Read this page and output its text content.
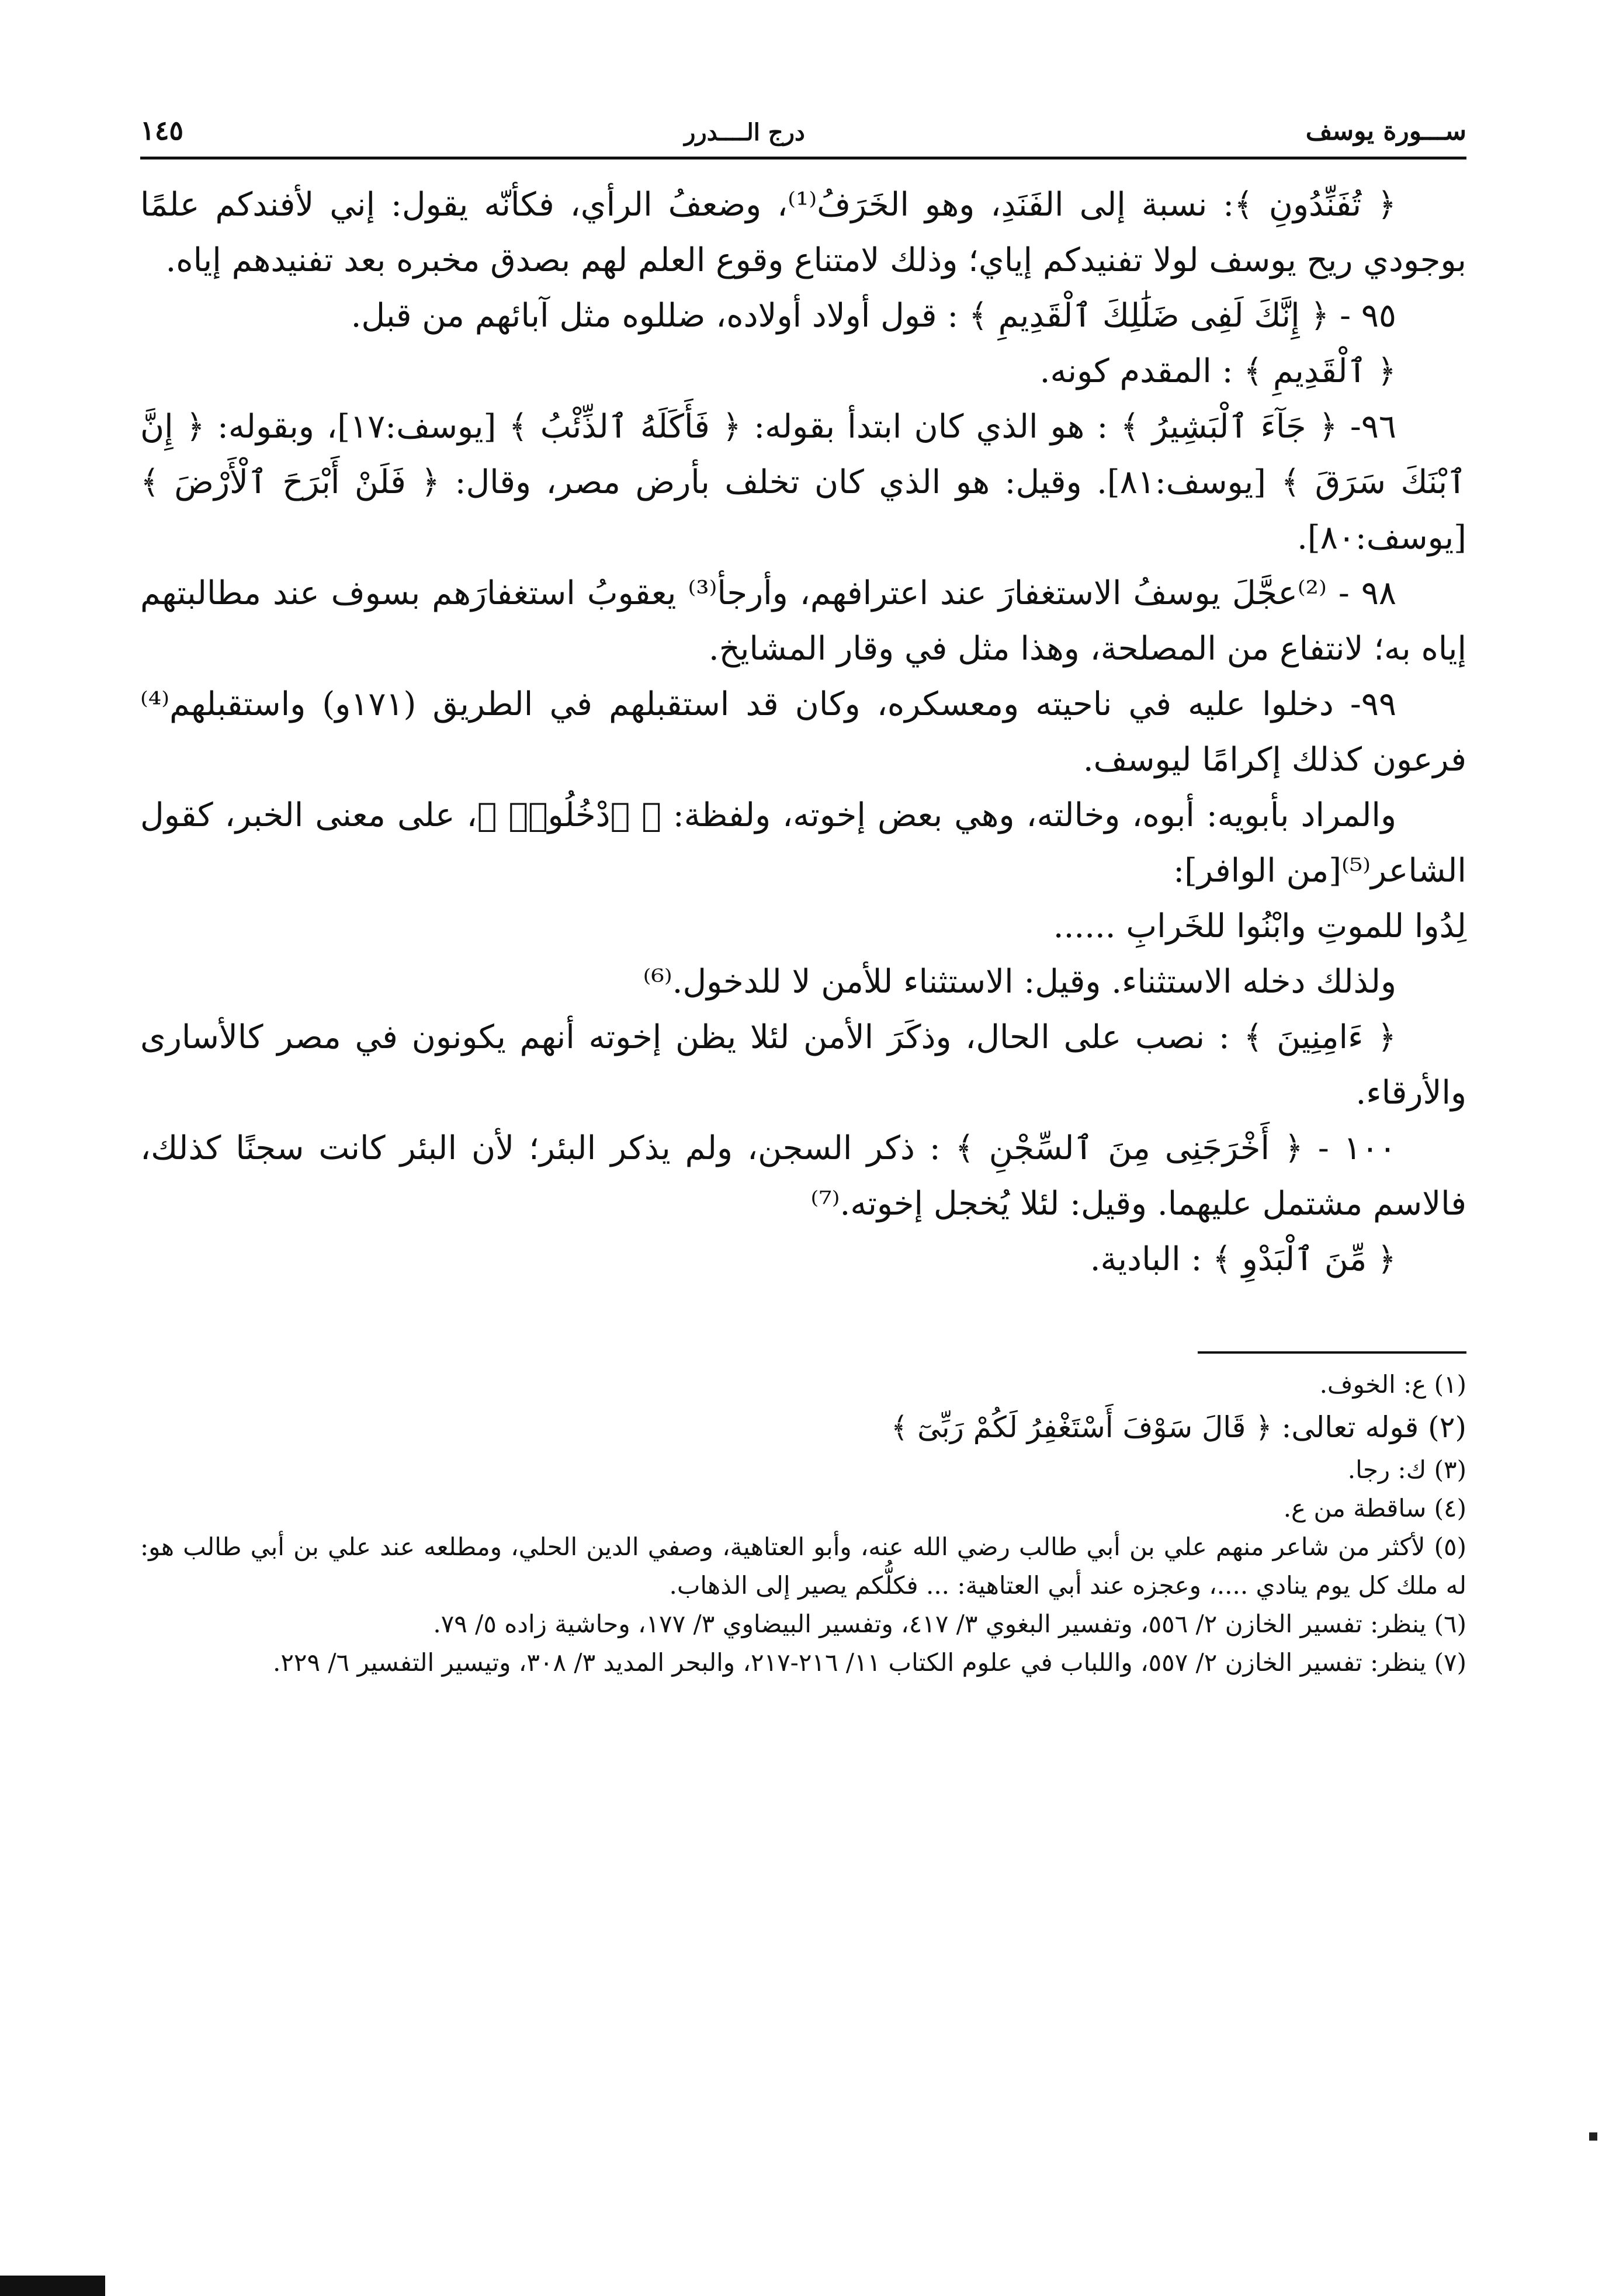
ســـورة يوسف
درج الــــدرر
١٤٥

﴿ تُفَنِّدُونِ ﴾: نسبة إلى الفَنَدِ، وهو الخَرَفُ⁽¹⁾، وضعفُ الرأي، فكأنّه يقول: إني لأفندكم علمًا بوجودي ريح يوسف لولا تفنيدكم إياي؛ وذلك لامتناع وقوع العلم لهم بصدق مخبره بعد تفنيدهم إياه.

٩٥ - ﴿ إِنَّكَ لَفِى ضَلَٰلِكَ ٱلْقَدِيمِ ﴾ : قول أولاد أولاده، ضللوه مثل آبائهم من قبل.

﴿ ٱلْقَدِيمِ ﴾ : المقدم كونه.

٩٦- ﴿ جَآءَ ٱلْبَشِيرُ ﴾ : هو الذي كان ابتدأ بقوله: ﴿ فَأَكَلَهُ ٱلذِّئْبُ ﴾ [يوسف:١٧]، وبقوله: ﴿ إِنَّ ٱبْنَكَ سَرَقَ ﴾ [يوسف:٨١]. وقيل: هو الذي كان تخلف بأرض مصر، وقال: ﴿ فَلَنْ أَبْرَحَ ٱلْأَرْضَ ﴾ [يوسف:٨٠].

٩٨ - ⁽²⁾عجَّلَ يوسفُ الاستغفارَ عند اعترافهم، وأرجأ⁽³⁾ يعقوبُ استغفارَهم بسوف عند مطالبتهم إياه به؛ لانتفاع من المصلحة، وهذا مثل في وقار المشايخ.

٩٩- دخلوا عليه في ناحيته ومعسكره، وكان قد استقبلهم في الطريق (١٧١و) واستقبلهم⁽⁴⁾ فرعون كذلك إكرامًا ليوسف.

والمراد بأبويه: أبوه، وخالته، وهي بعض إخوته، ولفظة: ﴿ ٱدْخُلُوا۟ ﴾، على معنى الخبر، كقول الشاعر⁽⁵⁾[من الوافر]:

لِدُوا للموتِ وابْنُوا للخَرابِ ......

ولذلك دخله الاستثناء. وقيل: الاستثناء للأمن لا للدخول.⁽⁶⁾

﴿ ءَامِنِينَ ﴾ : نصب على الحال، وذكَرَ الأمن لئلا يظن إخوته أنهم يكونون في مصر كالأسارى والأرقاء.

١٠٠ - ﴿ أَخْرَجَنِى مِنَ ٱلسِّجْنِ ﴾ : ذكر السجن، ولم يذكر البئر؛ لأن البئر كانت سجنًا كذلك، فالاسم مشتمل عليهما. وقيل: لئلا يُخجل إخوته.⁽⁷⁾

﴿ مِّنَ ٱلْبَدْوِ ﴾ : البادية.

(١) ع: الخوف.

(٢) قوله تعالى: ﴿ قَالَ سَوْفَ أَسْتَغْفِرُ لَكُمْ رَبِّىٓ ﴾

(٣) ك: رجا.

(٤) ساقطة من ع.

(٥) لأكثر من شاعر منهم علي بن أبي طالب رضي الله عنه، وأبو العتاهية، وصفي الدين الحلي، ومطلعه عند علي بن أبي طالب هو: له ملك كل يوم ينادي ....، وعجزه عند أبي العتاهية: ... فكلُّكم يصير إلى الذهاب.

(٦) ينظر: تفسير الخازن ٢/ ٥٥٦، وتفسير البغوي ٣/ ٤١٧، وتفسير البيضاوي ٣/ ١٧٧، وحاشية زاده ٥/ ٧٩.

(٧) ينظر: تفسير الخازن ٢/ ٥٥٧، واللباب في علوم الكتاب ١١/ ٢١٦-٢١٧، والبحر المديد ٣/ ٣٠٨، وتيسير التفسير ٦/ ٢٢٩.
